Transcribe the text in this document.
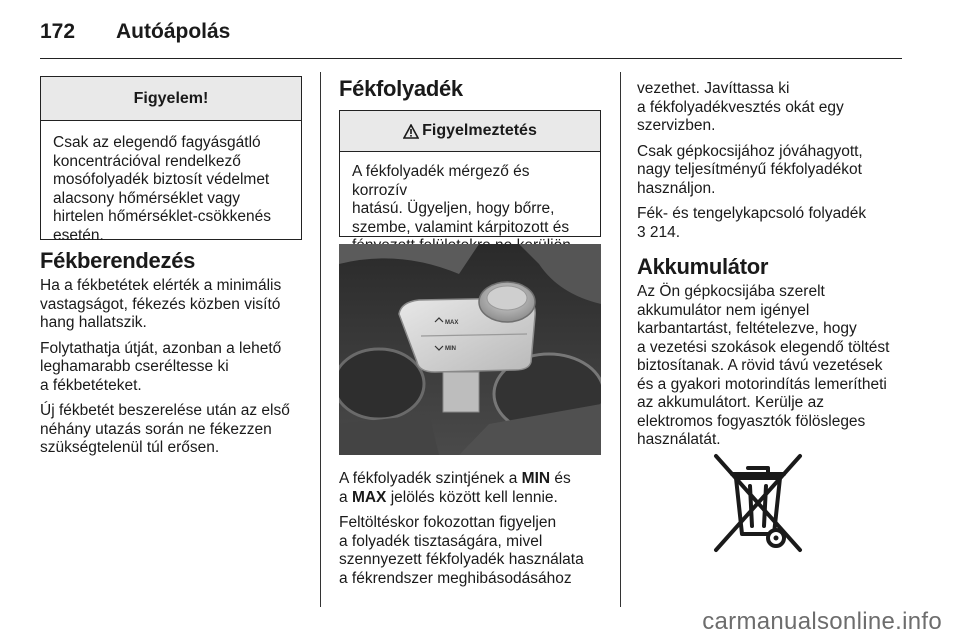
172 Autóápolás
Figyelem!
Csak az elegendő fagyásgátló
koncentrációval rendelkező
mosófolyadék biztosít védelmet
alacsony hőmérséklet vagy
hirtelen hőmérséklet-csökkenés
esetén.
Fékberendezés

Ha a fékbetétek elérték a minimális
vastagságot, fékezés közben visító
hang hallatszik.

Folytathatja útját, azonban a lehető
leghamarabb cseréltesse ki
a fékbetéteket.

Új fékbetét beszerelése után az első
néhány utazás során ne fékezzen
szükségtelenül túl erősen.

Fékfolyadék
Figyelmeztetés
A fékfolyadék mérgező és korrozív
hatású. Ügyeljen, hogy bőrre,
szembe, valamint kárpitozott és
MAX
MIN

A fékfolyadék szintjének a MIN és
a MAX jelölés között kell lennie.

Feltöltéskor fokozottan figyeljen
a folyadék tisztaságára, mivel
szennyezett fékfolyadék használata
a fékrendszer meghibásodásához

vezethet. Javíttassa ki
a fékfolyadékvesztés okát egy
szervizben.

Csak gépkocsijához jóváhagyott,
nagy teljesítményű fékfolyadékot
használjon.

Fék- és tengelykapcsoló folyadék
3 214.

Akkumulátor

Az Ön gépkocsijába szerelt
akkumulátor nem igényel
karbantartást, feltételezve, hogy
a vezetési szokások elegendő töltést
biztosítanak. A rövid távú vezetések
és a gyakori motorindítás lemerítheti
az akkumulátort. Kerülje az
elektromos fogyasztók fölösleges
használatát.

carmanualsonline.info
